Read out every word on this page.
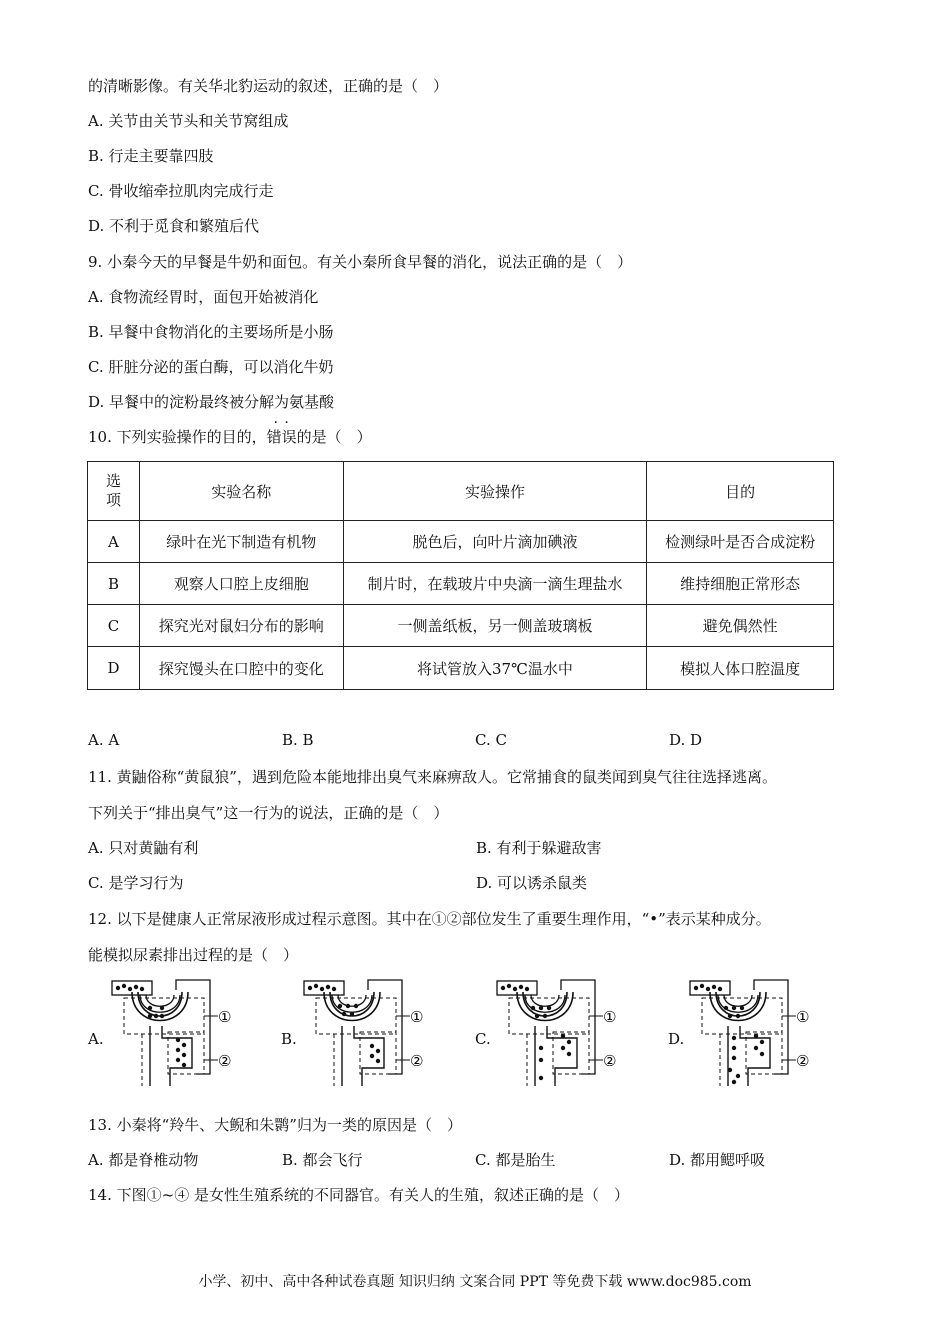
的清晰影像。有关华北豹运动的叙述，正确的是（　）
A. 关节由关节头和关节窝组成
B. 行走主要靠四肢
C. 骨收缩牵拉肌肉完成行走
D. 不利于觅食和繁殖后代
9. 小秦今天的早餐是牛奶和面包。有关小秦所食早餐的消化，说法正确的是（　）
A. 食物流经胃时，面包开始被消化
B. 早餐中食物消化的主要场所是小肠
C. 肝脏分泌的蛋白酶，可以消化牛奶
D. 早餐中的淀粉最终被分解为氨基酸
10. 下列实验操作的目的，· · 错误的是（　）
选
项	实验名称	实验操作	目的
A	绿叶在光下制造有机物	脱色后，向叶片滴加碘液	检测绿叶是否合成淀粉
B	观察人口腔上皮细胞	制片时，在载玻片中央滴一滴生理盐水	维持细胞正常形态
C	探究光对鼠妇分布的影响	一侧盖纸板，另一侧盖玻璃板	避免偶然性
D	探究馒头在口腔中的变化	将试管放入37℃温水中	模拟人体口腔温度
A. A	B. B	C. C	D. D
11. 黄鼬俗称“黄鼠狼”，遇到危险本能地排出臭气来麻痹敌人。它常捕食的鼠类闻到臭气往往选择逃离。
下列关于“排出臭气”这一行为的说法，正确的是（　）
A. 只对黄鼬有利	B. 有利于躲避敌害
C. 是学习行为	D. 可以诱杀鼠类
12. 以下是健康人正常尿液形成过程示意图。其中在①②部位发生了重要生理作用，“•”表示某种成分。
能模拟尿素排出过程的是（　）
A.	B.	C.	D.
①
②
①
②
①
②
①
②
13. 小秦将“羚牛、大鲵和朱鹮”归为一类的原因是（　）
A. 都是脊椎动物	B. 都会飞行	C. 都是胎生	D. 都用鳃呼吸
14. 下图①~④ 是女性生殖系统的不同器官。有关人的生殖，叙述正确的是（　）
小学、初中、高中各种试卷真题 知识归纳 文案合同 PPT 等免费下载 www.doc985.com
